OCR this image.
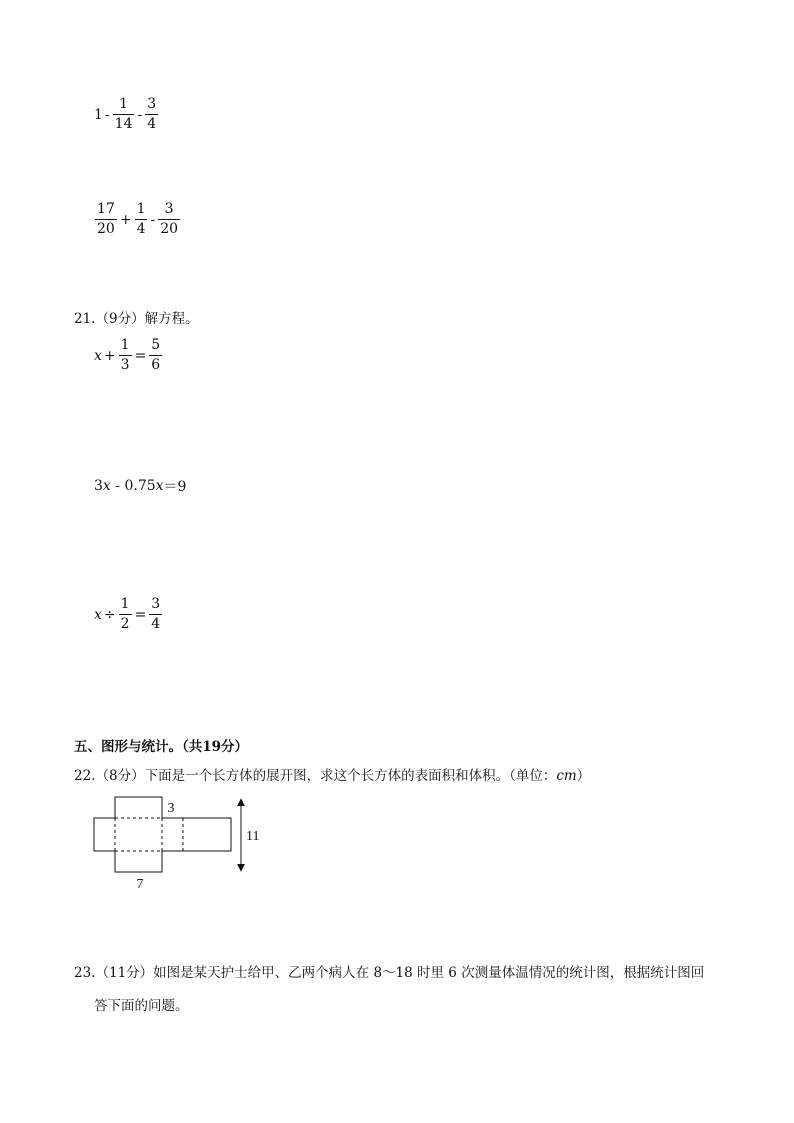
$1 - \frac{1}{14} - \frac{3}{4}$
$\frac{17}{20} + \frac{1}{4} - \frac{3}{20}$
21.（9分）解方程。
$x + \frac{1}{3} = \frac{5}{6}$
3 x - 0.75 x ＝9
$x \div \frac{1}{2} = \frac{3}{4}$
五、图形与统计。（共19分）
22.（8分）下面是一个长方体的展开图，求这个长方体的表面积和体积。（单位：cm）
3
11
7
23.（11分）如图是某天护士给甲、乙两个病人在 8～18 时里 6 次测量体温情况的统计图，根据统计图回
答下面的问题。
